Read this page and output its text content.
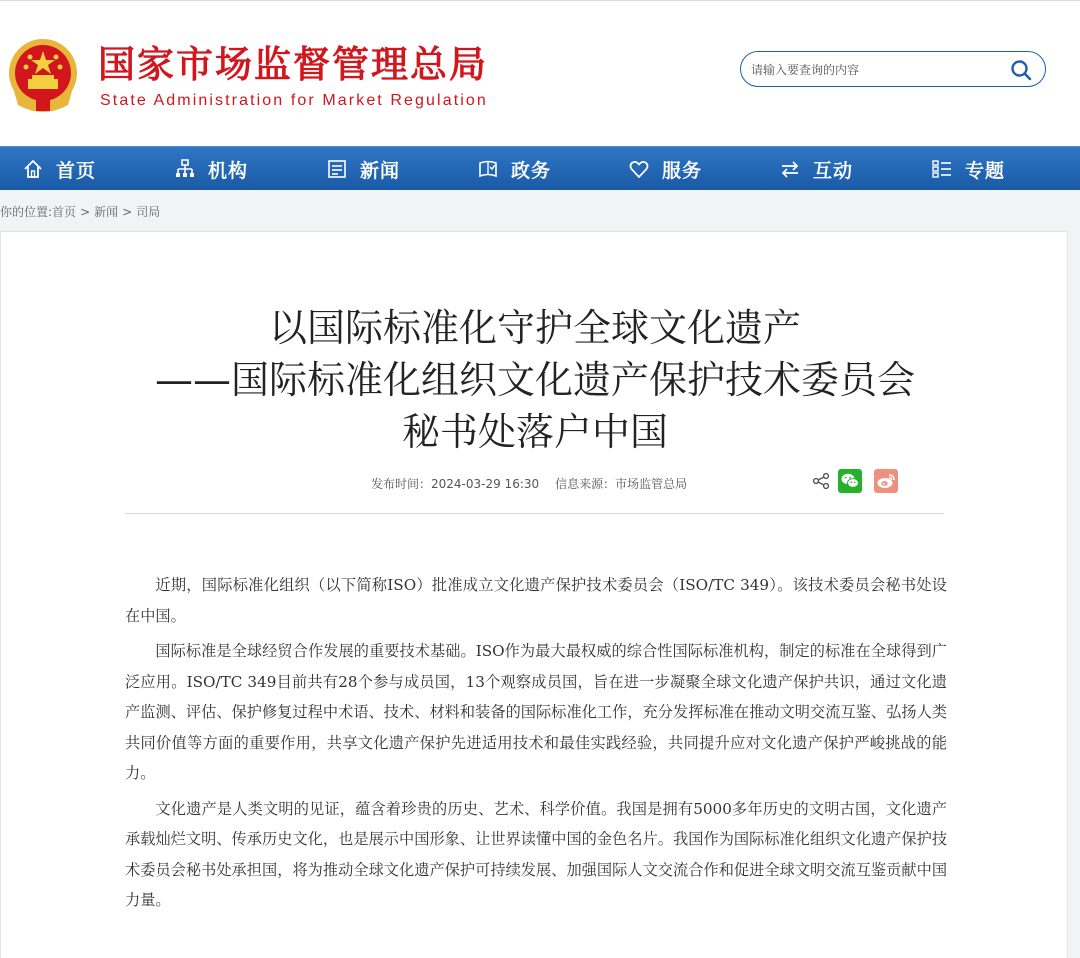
国家市场监督管理总局
State Administration for Market Regulation
请输入要查询的内容
首页	机构	新闻	政务	服务	互动	专题
你的位置:首页 > 新闻 > 司局
以国际标准化守护全球文化遗产
——国际标准化组织文化遗产保护技术委员会
秘书处落户中国
发布时间：2024-03-29 16:30 信息来源：市场监管总局

近期，国际标准化组织（以下简称ISO）批准成立文化遗产保护技术委员会（ISO/TC 349）。该技术委员会秘书处设在中国。

国际标准是全球经贸合作发展的重要技术基础。ISO作为最大最权威的综合性国际标准机构，制定的标准在全球得到广泛应用。ISO/TC 349目前共有28个参与成员国，13个观察成员国，旨在进一步凝聚全球文化遗产保护共识，通过文化遗产监测、评估、保护修复过程中术语、技术、材料和装备的国际标准化工作，充分发挥标准在推动文明交流互鉴、弘扬人类共同价值等方面的重要作用，共享文化遗产保护先进适用技术和最佳实践经验，共同提升应对文化遗产保护严峻挑战的能力。

文化遗产是人类文明的见证，蕴含着珍贵的历史、艺术、科学价值。我国是拥有5000多年历史的文明古国，文化遗产承载灿烂文明、传承历史文化，也是展示中国形象、让世界读懂中国的金色名片。我国作为国际标准化组织文化遗产保护技术委员会秘书处承担国，将为推动全球文化遗产保护可持续发展、加强国际人文交流合作和促进全球文明交流互鉴贡献中国力量。
